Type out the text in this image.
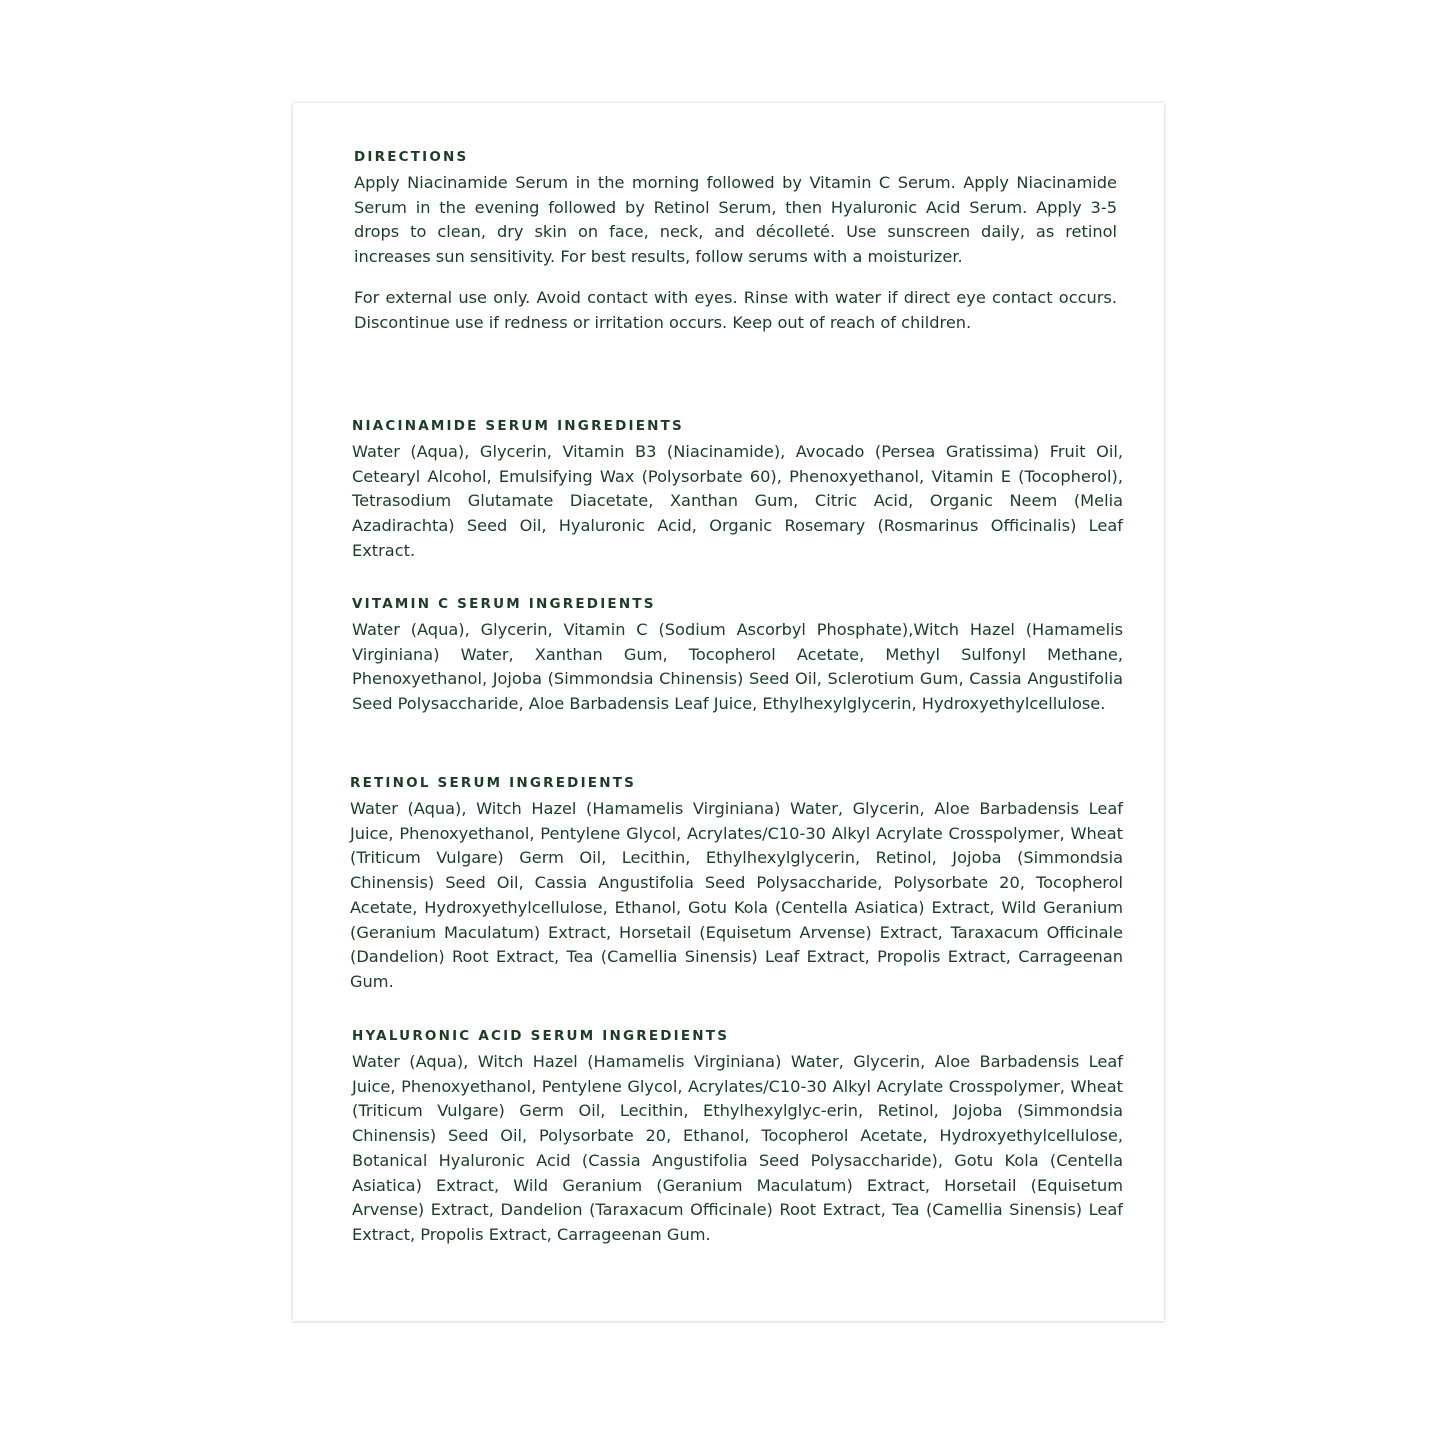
DIRECTIONS

Apply Niacinamide Serum in the morning followed by Vitamin C Serum. Apply Niacinamide Serum in the evening followed by Retinol Serum, then Hyaluronic Acid Serum. Apply 3-5 drops to clean, dry skin on face, neck, and décolleté. Use sunscreen daily, as retinol increases sun sensitivity. For best results, follow serums with a moisturizer.

For external use only. Avoid contact with eyes. Rinse with water if direct eye contact occurs. Discontinue use if redness or irritation occurs. Keep out of reach of children.

NIACINAMIDE SERUM INGREDIENTS

Water (Aqua), Glycerin, Vitamin B3 (Niacinamide), Avocado (Persea Gratissima) Fruit Oil, Cetearyl Alcohol, Emulsifying Wax (Polysorbate 60), Phenoxyethanol, Vitamin E (Tocopherol), Tetrasodium Glutamate Diacetate, Xanthan Gum, Citric Acid, Organic Neem (Melia Azadirachta) Seed Oil, Hyaluronic Acid, Organic Rosemary (Rosmarinus Officinalis) Leaf Extract.

VITAMIN C SERUM INGREDIENTS

Water (Aqua), Glycerin, Vitamin C (Sodium Ascorbyl Phosphate),Witch Hazel (Hamamelis Virginiana) Water, Xanthan Gum, Tocopherol Acetate, Methyl Sulfonyl Methane, Phenoxyethanol, Jojoba (Simmondsia Chinensis) Seed Oil, Sclerotium Gum, Cassia Angustifolia Seed Polysaccharide, Aloe Barbadensis Leaf Juice, Ethylhexylglycerin, Hydroxyethylcellulose.

RETINOL SERUM INGREDIENTS

Water (Aqua), Witch Hazel (Hamamelis Virginiana) Water, Glycerin, Aloe Barbadensis Leaf Juice, Phenoxyethanol, Pentylene Glycol, Acrylates/C10-30 Alkyl Acrylate Crosspolymer, Wheat (Triticum Vulgare) Germ Oil, Lecithin, Ethylhexylglycerin, Retinol, Jojoba (Simmondsia Chinensis) Seed Oil, Cassia Angustifolia Seed Polysaccharide, Polysorbate 20, Tocopherol Acetate, Hydroxyethylcellulose, Ethanol, Gotu Kola (Centella Asiatica) Extract, Wild Geranium (Geranium Maculatum) Extract, Horsetail (Equisetum Arvense) Extract, Taraxacum Officinale (Dandelion) Root Extract, Tea (Camellia Sinensis) Leaf Extract, Propolis Extract, Carrageenan Gum.

HYALURONIC ACID SERUM INGREDIENTS

Water (Aqua), Witch Hazel (Hamamelis Virginiana) Water, Glycerin, Aloe Barbadensis Leaf Juice, Phenoxyethanol, Pentylene Glycol, Acrylates/C10-30 Alkyl Acrylate Crosspolymer, Wheat (Triticum Vulgare) Germ Oil, Lecithin, Ethylhexylglyc-erin, Retinol, Jojoba (Simmondsia Chinensis) Seed Oil, Polysorbate 20, Ethanol, Tocopherol Acetate, Hydroxyethylcellulose, Botanical Hyaluronic Acid (Cassia Angustifolia Seed Polysaccharide), Gotu Kola (Centella Asiatica) Extract, Wild Geranium (Geranium Maculatum) Extract, Horsetail (Equisetum Arvense) Extract, Dandelion (Taraxacum Officinale) Root Extract, Tea (Camellia Sinensis) Leaf Extract, Propolis Extract, Carrageenan Gum.
